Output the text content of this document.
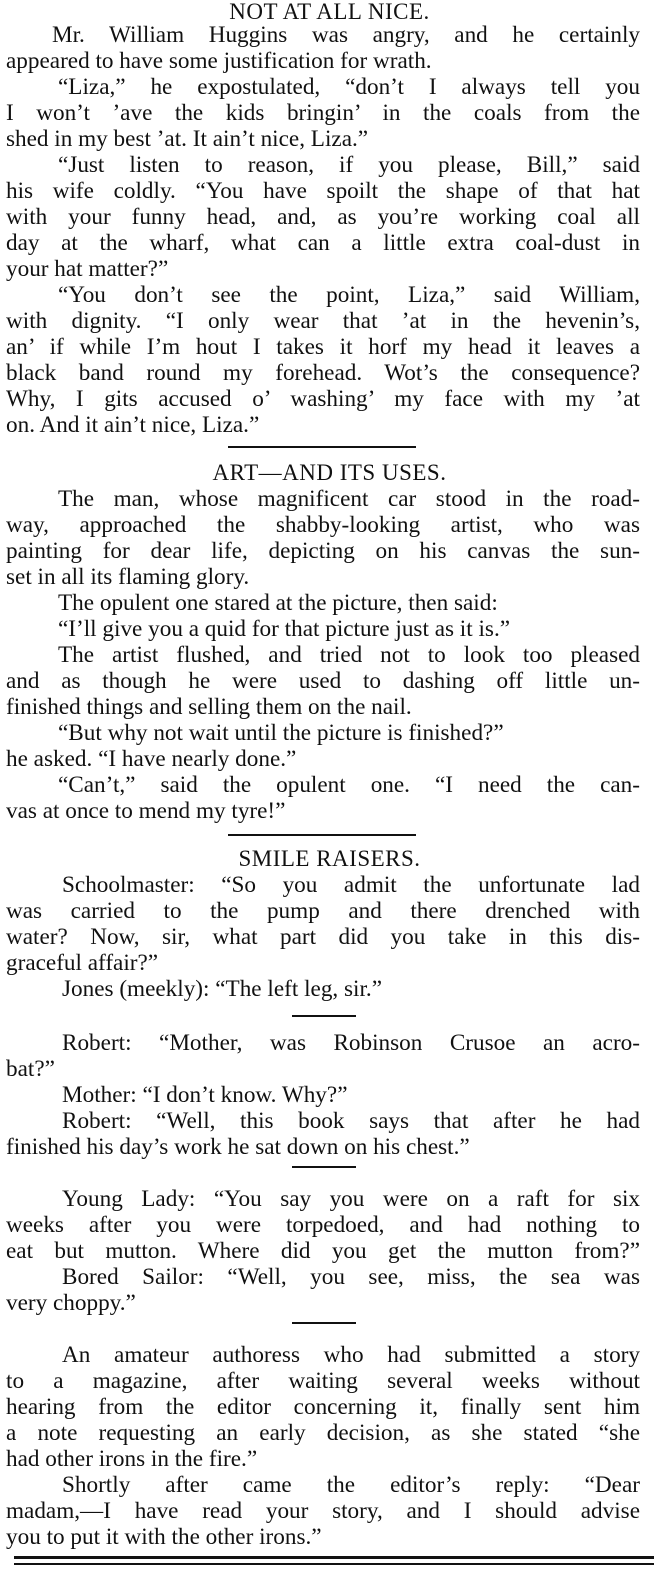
NOT AT ALL NICE.
Mr. William Huggins was angry, and he certainly
appeared to have some justification for wrath.
“Liza,” he expostulated, “don’t I always tell you
I won’t ’ave the kids bringin’ in the coals from the
shed in my best ’at. It ain’t nice, Liza.”
“Just listen to reason, if you please, Bill,” said
his wife coldly. “You have spoilt the shape of that hat
with your funny head, and, as you’re working coal all
day at the wharf, what can a little extra coal-dust in
your hat matter?”
“You don’t see the point, Liza,” said William,
with dignity. “I only wear that ’at in the hevenin’s,
an’ if while I’m hout I takes it horf my head it leaves a
black band round my forehead. Wot’s the consequence?
Why, I gits accused o’ washing’ my face with my ’at
on. And it ain’t nice, Liza.”
ART—AND ITS USES.
The man, whose magnificent car stood in the road-
way, approached the shabby-looking artist, who was
painting for dear life, depicting on his canvas the sun-
set in all its flaming glory.
The opulent one stared at the picture, then said:
“I’ll give you a quid for that picture just as it is.”
The artist flushed, and tried not to look too pleased
and as though he were used to dashing off little un-
finished things and selling them on the nail.
“But why not wait until the picture is finished?”
he asked. “I have nearly done.”
“Can’t,” said the opulent one. “I need the can-
vas at once to mend my tyre!”
SMILE RAISERS.
Schoolmaster: “So you admit the unfortunate lad
was carried to the pump and there drenched with
water? Now, sir, what part did you take in this dis-
graceful affair?”
Jones (meekly): “The left leg, sir.”
Robert: “Mother, was Robinson Crusoe an acro-
bat?”
Mother: “I don’t know. Why?”
Robert: “Well, this book says that after he had
finished his day’s work he sat down on his chest.”
Young Lady: “You say you were on a raft for six
weeks after you were torpedoed, and had nothing to
eat but mutton. Where did you get the mutton from?”
Bored Sailor: “Well, you see, miss, the sea was
very choppy.”
An amateur authoress who had submitted a story
to a magazine, after waiting several weeks without
hearing from the editor concerning it, finally sent him
a note requesting an early decision, as she stated “she
had other irons in the fire.”
Shortly after came the editor’s reply: “Dear
madam,—I have read your story, and I should advise
you to put it with the other irons.”
